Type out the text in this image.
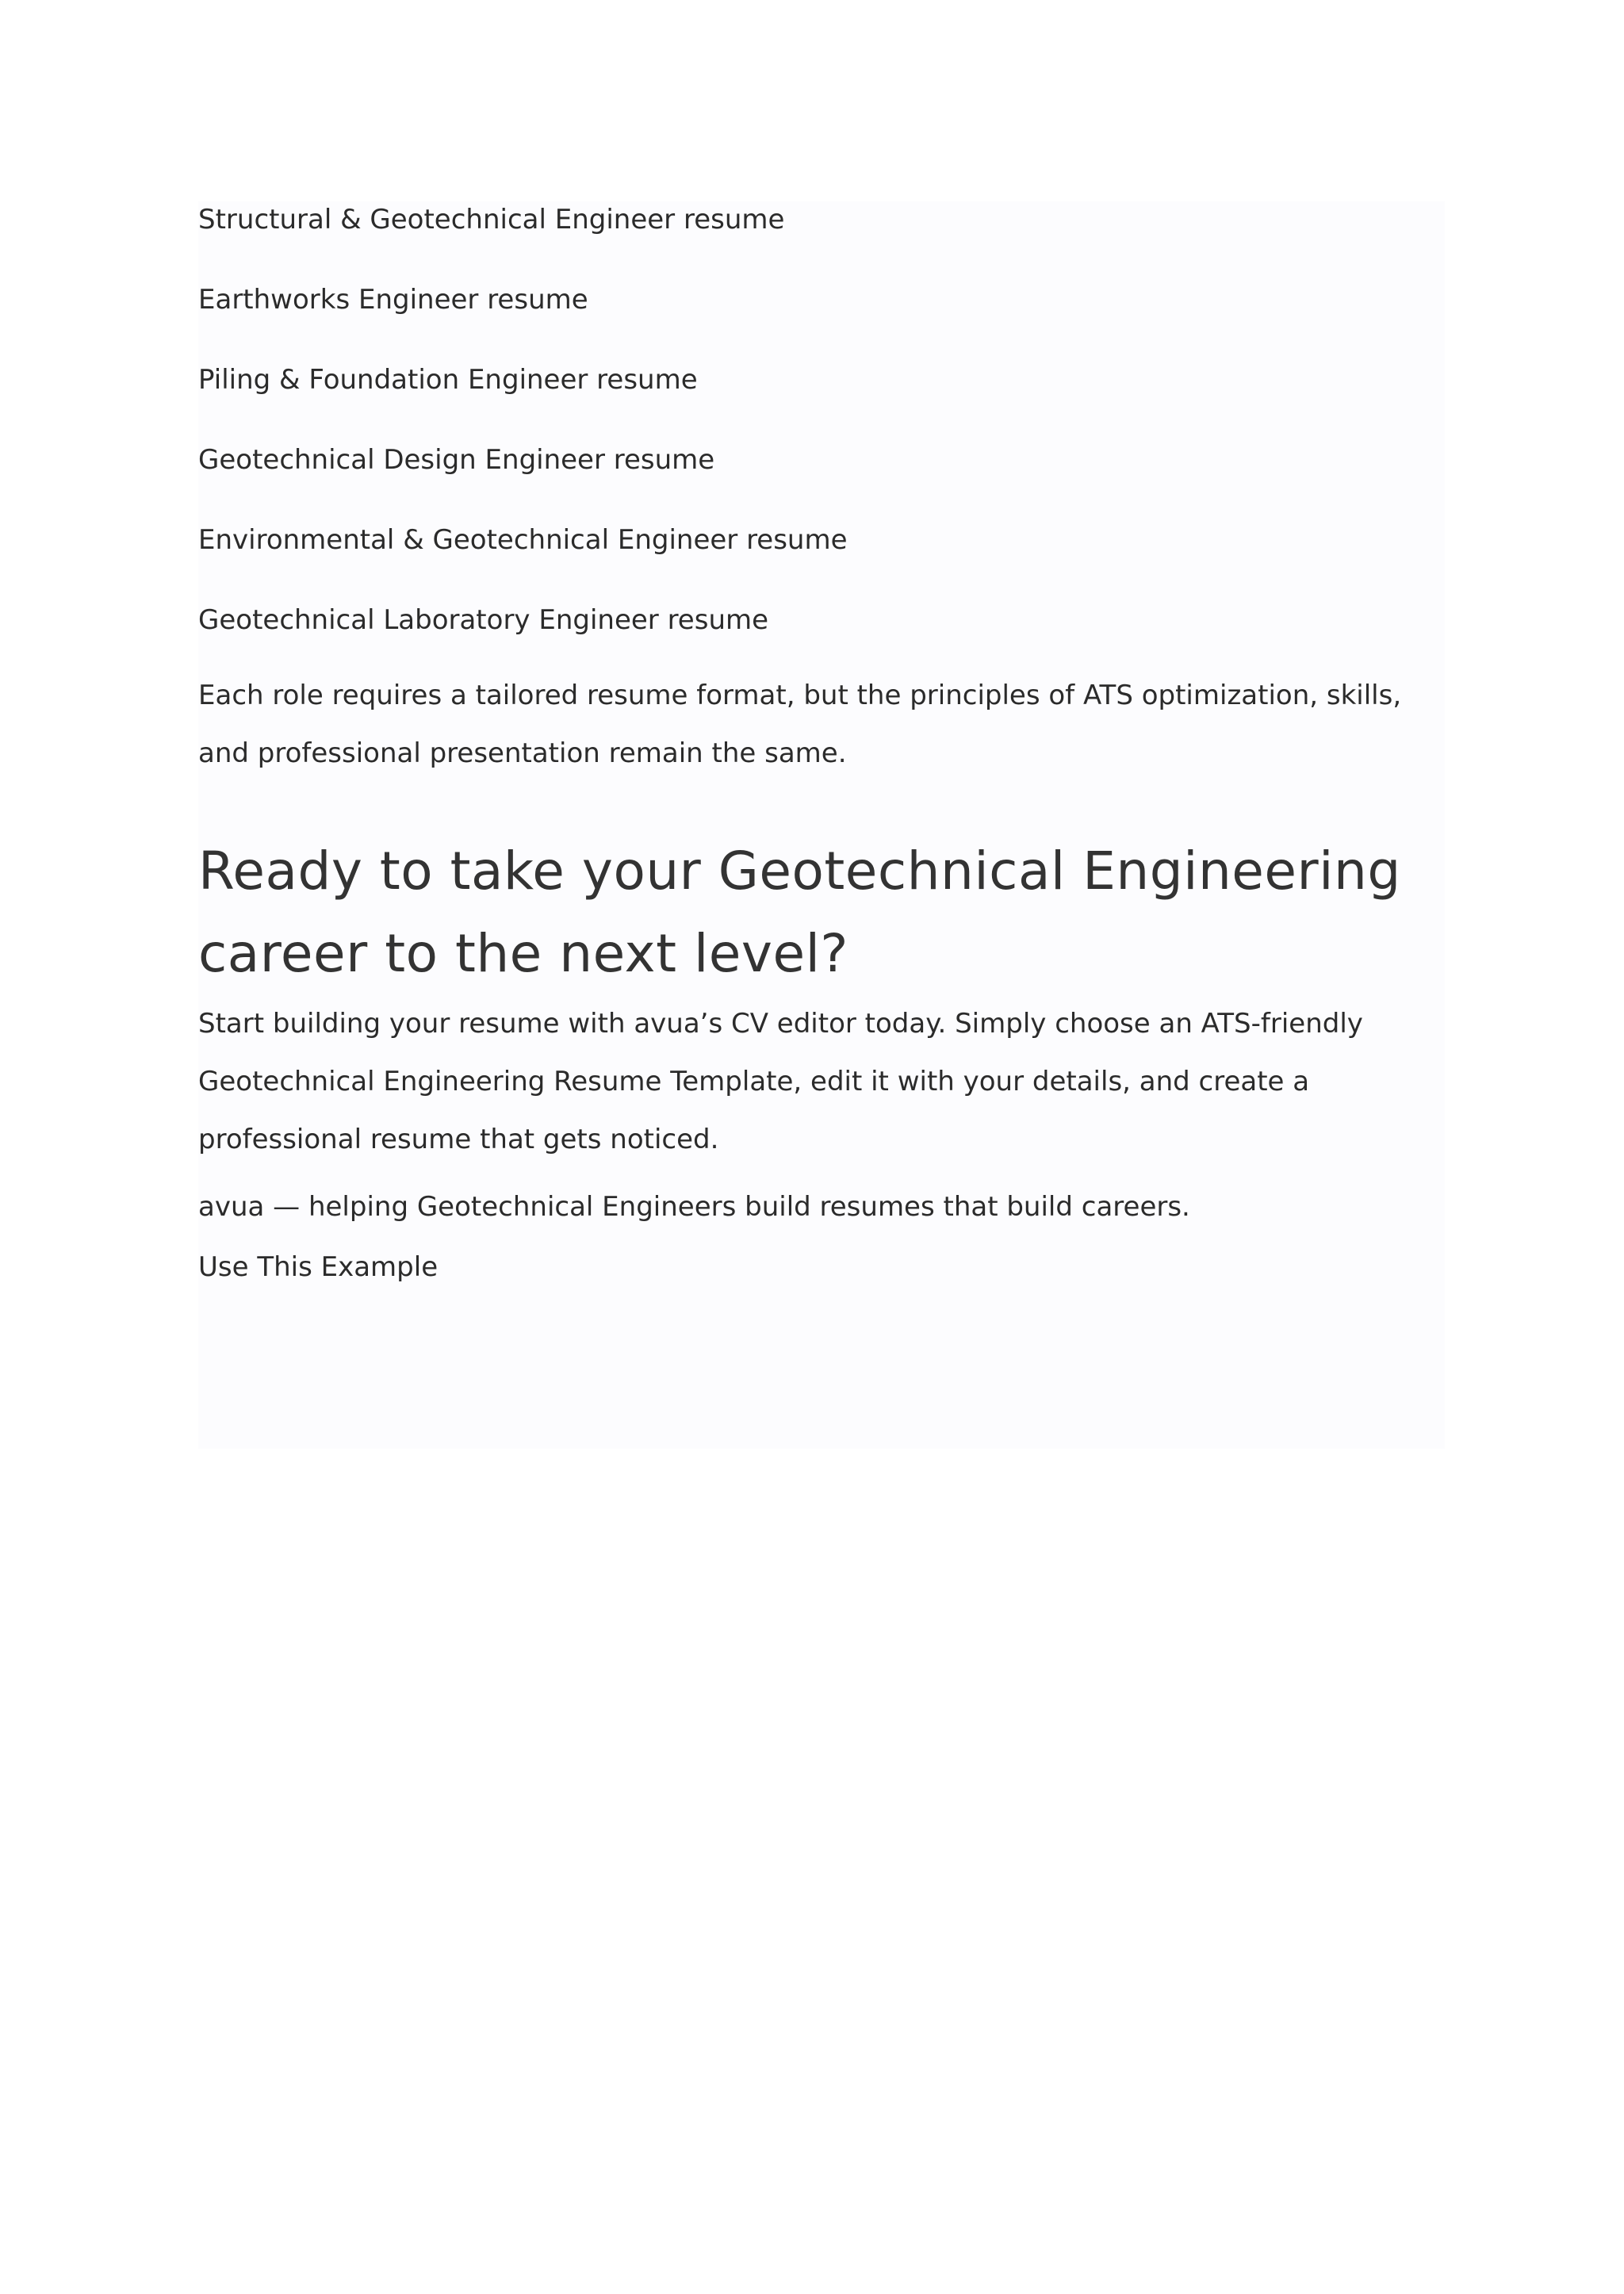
Structural & Geotechnical Engineer resume
Earthworks Engineer resume
Piling & Foundation Engineer resume
Geotechnical Design Engineer resume
Environmental & Geotechnical Engineer resume
Geotechnical Laboratory Engineer resume

Each role requires a tailored resume format, but the principles of ATS optimization, skills, and professional presentation remain the same.

Ready to take your Geotechnical Engineering career to the next level?

Start building your resume with avua’s CV editor today. Simply choose an ATS-friendly Geotechnical Engineering Resume Template, edit it with your details, and create a professional resume that gets noticed.

avua — helping Geotechnical Engineers build resumes that build careers.

Use This Example
